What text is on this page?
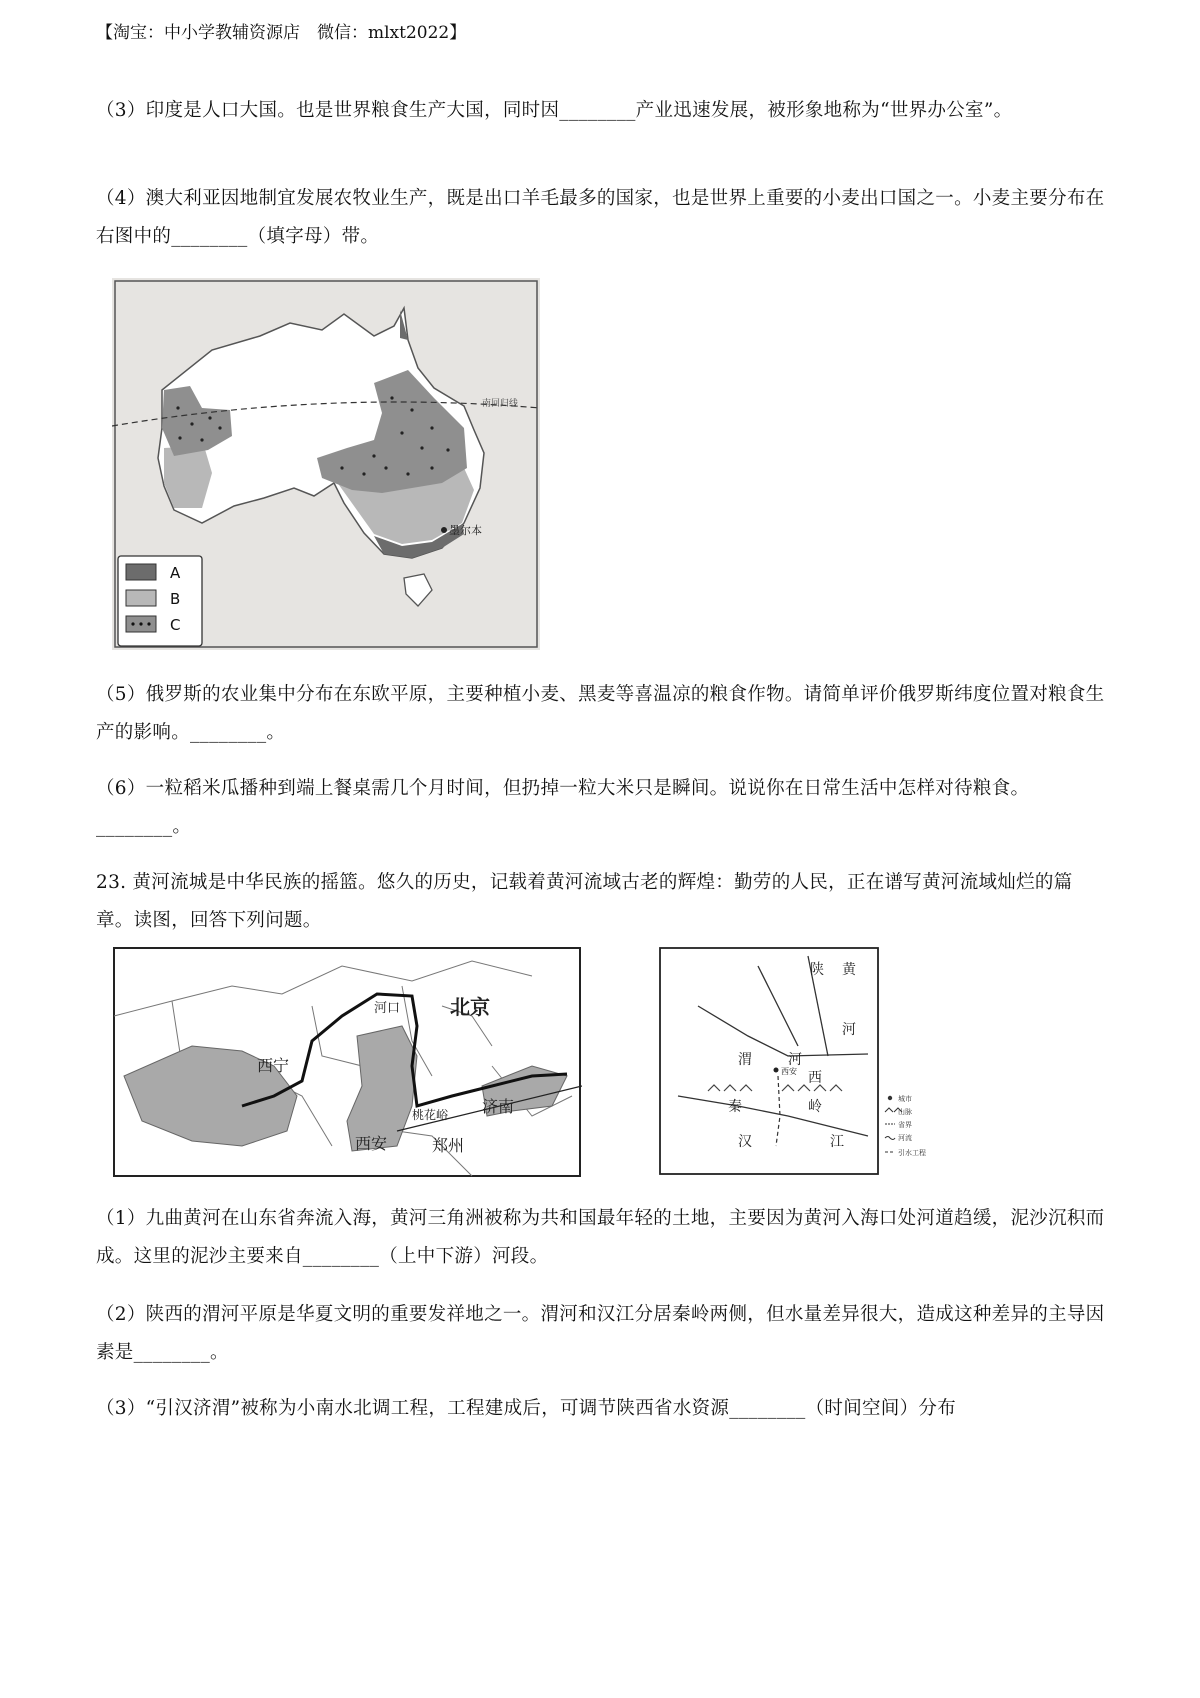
【淘宝：中小学教辅资源店　微信：mlxt2022】
（3）印度是人口大国。也是世界粮食生产大国，同时因________产业迅速发展，被形象地称为“世界办公室”。
（4）澳大利亚因地制宜发展农牧业生产，既是出口羊毛最多的国家，也是世界上重要的小麦出口国之一。小麦主要分布在右图中的________（填字母）带。
南回归线
墨尔本
A
B
C
（5）俄罗斯的农业集中分布在东欧平原，主要种植小麦、黑麦等喜温凉的粮食作物。请简单评价俄罗斯纬度位置对粮食生产的影响。________。
（6）一粒稻米瓜播种到端上餐桌需几个月时间，但扔掉一粒大米只是瞬间。说说你在日常生活中怎样对待粮食。________。
23. 黄河流城是中华民族的摇篮。悠久的历史，记载着黄河流域古老的辉煌：勤劳的人民，正在谱写黄河流域灿烂的篇章。读图，回答下列问题。
河口 北京
西宁
桃花峪 济南
西安	郑州
陕 黄
河
河
渭
西
秦	岭
汉	江
西安
城市
山脉
省界
河流
引水工程
（1）九曲黄河在山东省奔流入海，黄河三角洲被称为共和国最年轻的土地，主要因为黄河入海口处河道趋缓，泥沙沉积而成。这里的泥沙主要来自________（上中下游）河段。
（2）陕西的渭河平原是华夏文明的重要发祥地之一。渭河和汉江分居秦岭两侧，但水量差异很大，造成这种差异的主导因素是________。
（3）“引汉济渭”被称为小南水北调工程，工程建成后，可调节陕西省水资源________（时间空间）分布
